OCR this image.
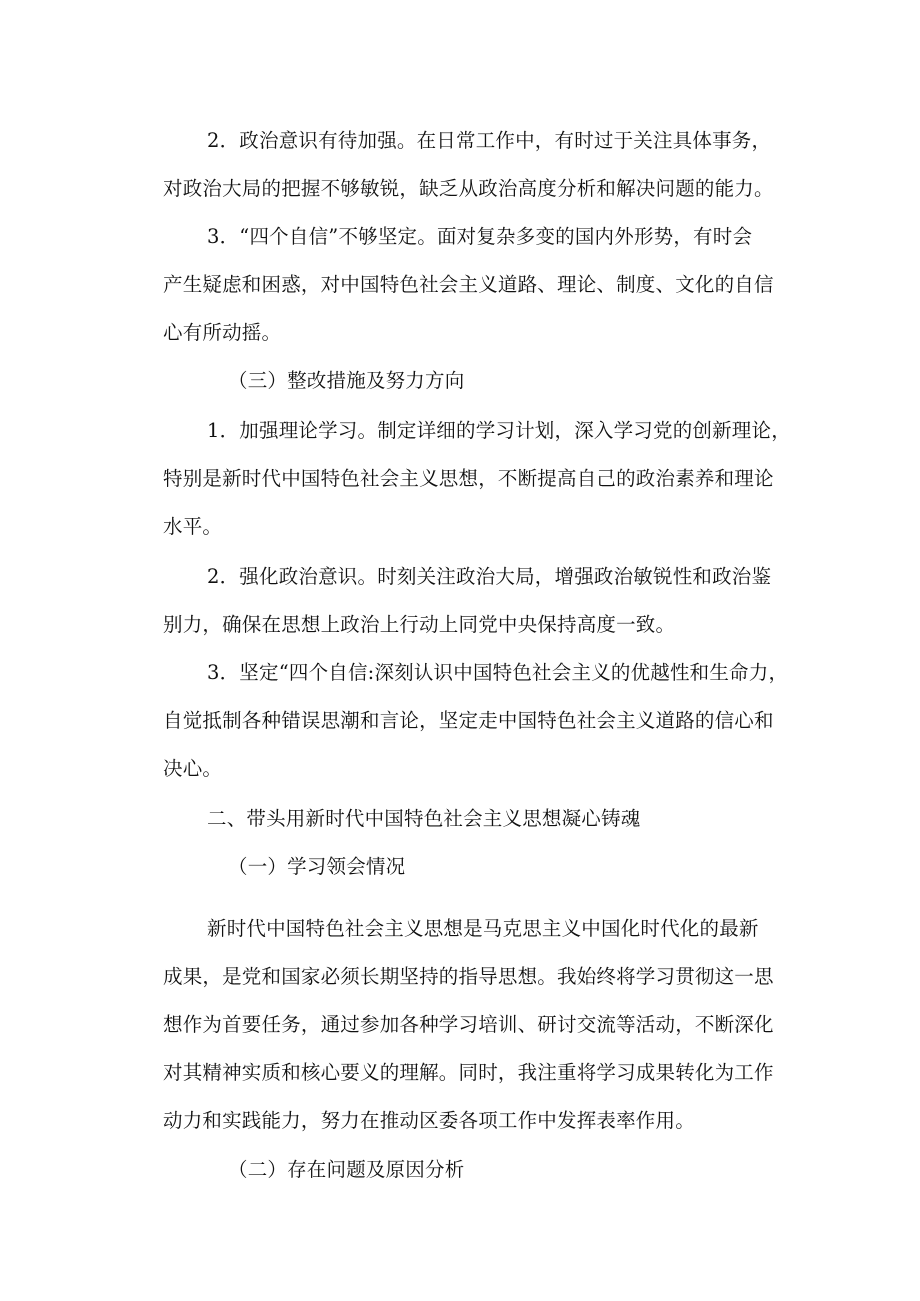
2．政治意识有待加强。在日常工作中，有时过于关注具体事务，
对政治大局的把握不够敏锐，缺乏从政治高度分析和解决问题的能力。
3．“四个自信”不够坚定。面对复杂多变的国内外形势，有时会
产生疑虑和困惑，对中国特色社会主义道路、理论、制度、文化的自信
心有所动摇。
（三）整改措施及努力方向
1．加强理论学习。制定详细的学习计划，深入学习党的创新理论，
特别是新时代中国特色社会主义思想，不断提高自己的政治素养和理论
水平。
2．强化政治意识。时刻关注政治大局，增强政治敏锐性和政治鉴
别力，确保在思想上政治上行动上同党中央保持高度一致。
3．坚定“四个自信:深刻认识中国特色社会主义的优越性和生命力，
自觉抵制各种错误思潮和言论，坚定走中国特色社会主义道路的信心和
决心。
二、带头用新时代中国特色社会主义思想凝心铸魂
（一）学习领会情况
新时代中国特色社会主义思想是马克思主义中国化时代化的最新
成果，是党和国家必须长期坚持的指导思想。我始终将学习贯彻这一思
想作为首要任务，通过参加各种学习培训、研讨交流等活动，不断深化
对其精神实质和核心要义的理解。同时，我注重将学习成果转化为工作
动力和实践能力，努力在推动区委各项工作中发挥表率作用。
（二）存在问题及原因分析
